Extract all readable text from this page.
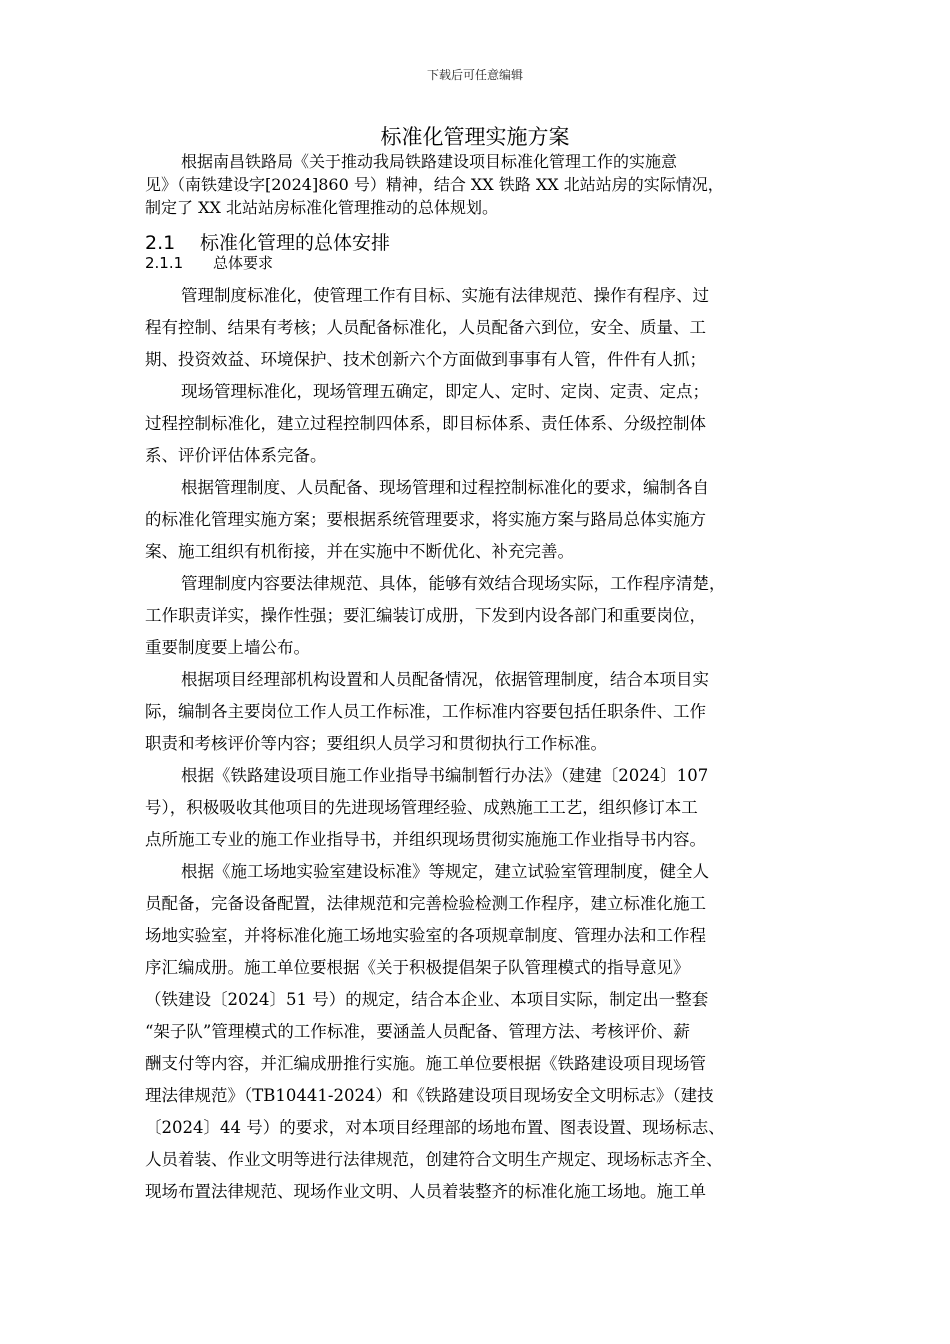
下载后可任意编辑
标准化管理实施方案

根据南昌铁路局《关于推动我局铁路建设项目标准化管理工作的实施意

见》（南铁建设字[2024]860 号）精神，结合 XX 铁路 XX 北站站房的实际情况，

制定了 XX 北站站房标准化管理推动的总体规划。

2.1 标准化管理的总体安排
2.1.1 总体要求
管理制度标准化，使管理工作有目标、实施有法律规范、操作有程序、过
程有控制、结果有考核；人员配备标准化，人员配备六到位，安全、质量、工
期、投资效益、环境保护、技术创新六个方面做到事事有人管，件件有人抓；
现场管理标准化，现场管理五确定，即定人、定时、定岗、定责、定点；
过程控制标准化，建立过程控制四体系，即目标体系、责任体系、分级控制体
系、评价评估体系完备。
根据管理制度、人员配备、现场管理和过程控制标准化的要求，编制各自
的标准化管理实施方案；要根据系统管理要求，将实施方案与路局总体实施方
案、施工组织有机衔接，并在实施中不断优化、补充完善。
管理制度内容要法律规范、具体，能够有效结合现场实际，工作程序清楚，
工作职责详实，操作性强；要汇编装订成册，下发到内设各部门和重要岗位，
重要制度要上墙公布。
根据项目经理部机构设置和人员配备情况，依据管理制度，结合本项目实
际，编制各主要岗位工作人员工作标准，工作标准内容要包括任职条件、工作
职责和考核评价等内容；要组织人员学习和贯彻执行工作标准。
根据《铁路建设项目施工作业指导书编制暂行办法》（建建〔2024〕107
号），积极吸收其他项目的先进现场管理经验、成熟施工工艺，组织修订本工
点所施工专业的施工作业指导书，并组织现场贯彻实施施工作业指导书内容。
根据《施工场地实验室建设标准》等规定，建立试验室管理制度，健全人
员配备，完备设备配置，法律规范和完善检验检测工作程序，建立标准化施工
场地实验室，并将标准化施工场地实验室的各项规章制度、管理办法和工作程
序汇编成册。施工单位要根据《关于积极提倡架子队管理模式的指导意见》
（铁建设〔2024〕51 号）的规定，结合本企业、本项目实际，制定出一整套
“架子队”管理模式的工作标准，要涵盖人员配备、管理方法、考核评价、薪
酬支付等内容，并汇编成册推行实施。施工单位要根据《铁路建设项目现场管
理法律规范》（TB10441-2024）和《铁路建设项目现场安全文明标志》（建技
〔2024〕44 号）的要求，对本项目经理部的场地布置、图表设置、现场标志、
人员着装、作业文明等进行法律规范，创建符合文明生产规定、现场标志齐全、
现场布置法律规范、现场作业文明、人员着装整齐的标准化施工场地。施工单
